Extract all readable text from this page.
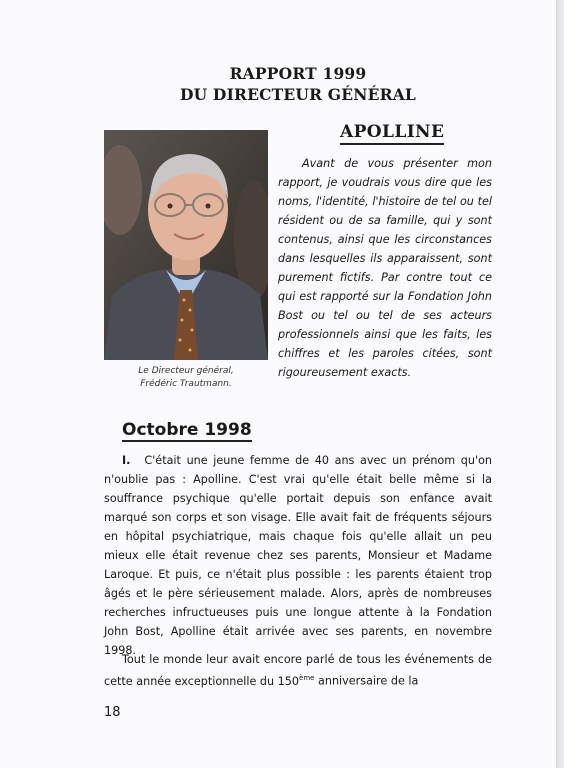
RAPPORT 1999
DU DIRECTEUR GÉNÉRAL
Le Directeur général,
Frédéric Trautmann.
APOLLINE

Avant de vous présenter mon rapport, je voudrais vous dire que les noms, l'identité, l'histoire de tel ou tel résident ou de sa famille, qui y sont contenus, ainsi que les circonstances dans lesquelles ils apparaissent, sont purement fictifs. Par contre tout ce qui est rapporté sur la Fondation John Bost ou tel ou tel de ses acteurs professionnels ainsi que les faits, les chiffres et les paroles citées, sont rigoureusement exacts.

Octobre 1998

I. C'était une jeune femme de 40 ans avec un prénom qu'on n'oublie pas : Apolline. C'est vrai qu'elle était belle même si la souffrance psychique qu'elle portait depuis son enfance avait marqué son corps et son visage. Elle avait fait de fréquents séjours en hôpital psychiatrique, mais chaque fois qu'elle allait un peu mieux elle était revenue chez ses parents, Monsieur et Madame Laroque. Et puis, ce n'était plus possible : les parents étaient trop âgés et le père sérieusement malade. Alors, après de nombreuses recherches infructueuses puis une longue attente à la Fondation John Bost, Apolline était arrivée avec ses parents, en novembre 1998.

Tout le monde leur avait encore parlé de tous les événements de cette année exceptionnelle du 150ème anniversaire de la
18
